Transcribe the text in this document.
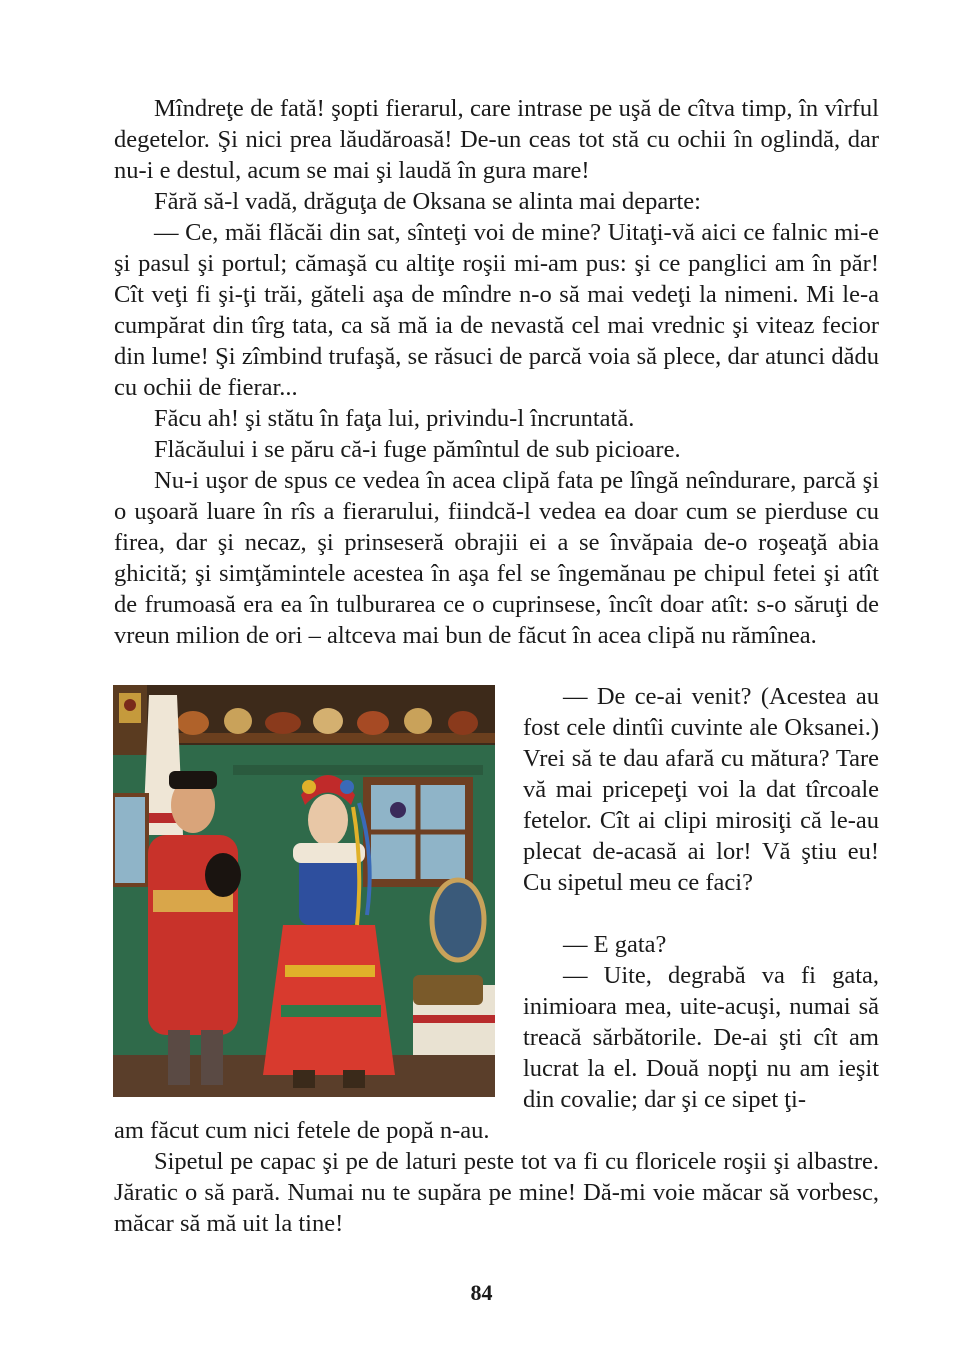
Mîndreţe de fată! şopti fierarul, care intrase pe uşă de cîtva timp, în vîrful degetelor. Şi nici prea lăudăroasă! De-un ceas tot stă cu ochii în oglindă, dar nu-i e destul, acum se mai şi laudă în gura mare!

Fără să-l vadă, drăguţa de Oksana se alinta mai departe:

— Ce, măi flăcăi din sat, sînteţi voi de mine? Uitaţi-vă aici ce falnic mi-e şi pasul şi portul; cămaşă cu altiţe roşii mi-am pus: şi ce panglici am în păr! Cît veţi fi şi-ţi trăi, găteli aşa de mîndre n-o să mai vedeţi la nimeni. Mi le-a cumpărat din tîrg tata, ca să mă ia de nevastă cel mai vrednic şi viteaz fecior din lume! Şi zîmbind trufaşă, se răsuci de parcă voia să plece, dar atunci dădu cu ochii de fierar...

Făcu ah! şi stătu în faţa lui, privindu-l încruntată.

Flăcăului i se păru că-i fuge pămîntul de sub picioare.

Nu-i uşor de spus ce vedea în acea clipă fata pe lîngă neîndurare, parcă şi o uşoară luare în rîs a fierarului, fiindcă-l vedea ea doar cum se pierduse cu firea, dar şi necaz, şi prinseseră obrajii ei a se învăpaia de-o roşeaţă abia ghicită; şi simţămintele acestea în aşa fel se îngemănau pe chipul fetei şi atît de frumoasă era ea în tulburarea ce o cuprinsese, încît doar atît: s-o săruţi de vreun milion de ori – altceva mai bun de făcut în acea clipă nu rămînea.

— De ce-ai venit? (Acestea au fost cele dintîi cuvinte ale Oksanei.) Vrei să te dau afară cu mătura? Tare vă mai pricepeţi voi la dat tîrcoale fetelor. Cît ai clipi mirosiţi că le-au plecat de-acasă ai lor! Vă ştiu eu! Cu sipetul meu ce faci?

— E gata?

— Uite, degrabă va fi gata, inimioara mea, uite-acuşi, numai să treacă sărbătorile. De-ai şti cît am lucrat la el. Două nopţi nu am ieşit din covalie; dar şi ce sipet ţi-

am făcut cum nici fetele de popă n-au.

Sipetul pe capac şi pe de laturi peste tot va fi cu floricele roşii şi albastre. Jăratic o să pară. Numai nu te supăra pe mine! Dă-mi voie măcar să vorbesc, măcar să mă uit la tine!

84
